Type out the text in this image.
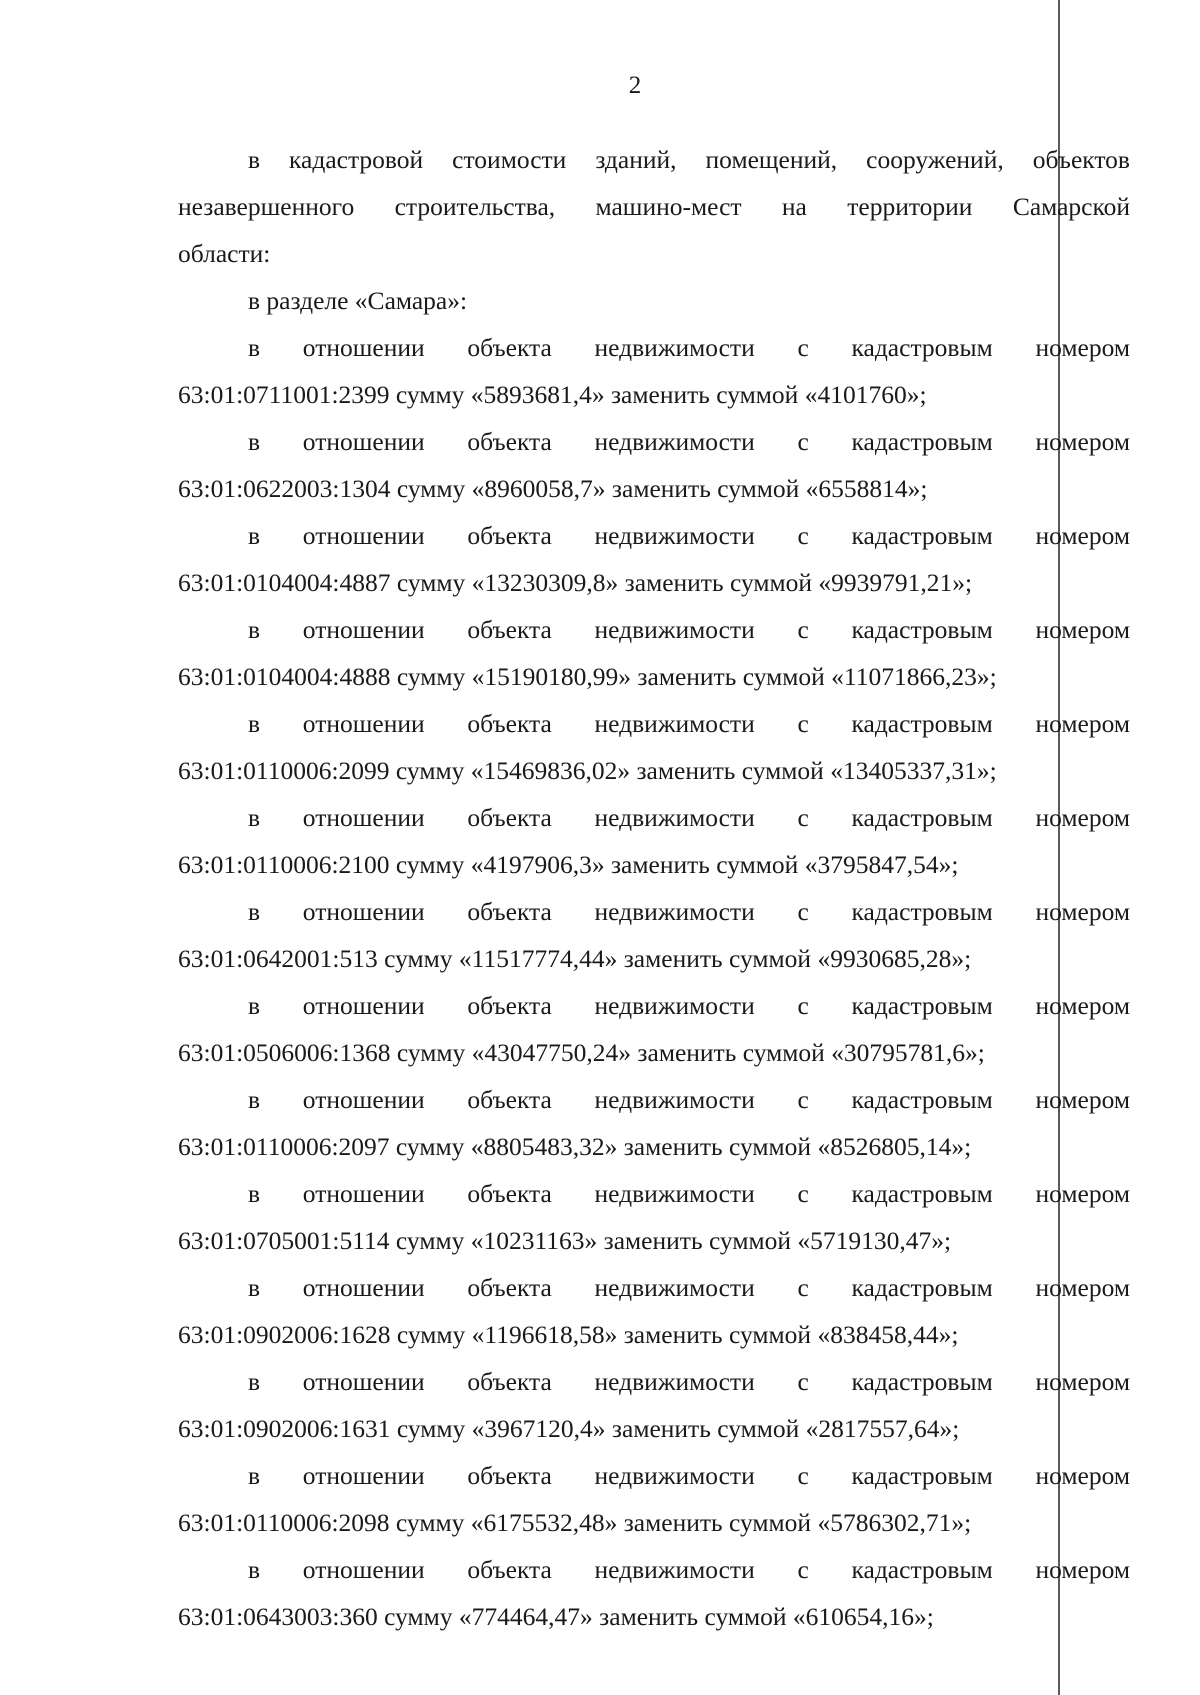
2
в кадастровой стоимости зданий, помещений, сооружений, объектов
незавершенного строительства, машино-мест на территории Самарской
области:
в разделе «Самара»:
в отношении объекта недвижимости с кадастровым номером
63:01:0711001:2399 сумму «5893681,4» заменить суммой «4101760»;
в отношении объекта недвижимости с кадастровым номером
63:01:0622003:1304 сумму «8960058,7» заменить суммой «6558814»;
в отношении объекта недвижимости с кадастровым номером
63:01:0104004:4887 сумму «13230309,8» заменить суммой «9939791,21»;
в отношении объекта недвижимости с кадастровым номером
63:01:0104004:4888 сумму «15190180,99» заменить суммой «11071866,23»;
в отношении объекта недвижимости с кадастровым номером
63:01:0110006:2099 сумму «15469836,02» заменить суммой «13405337,31»;
в отношении объекта недвижимости с кадастровым номером
63:01:0110006:2100 сумму «4197906,3» заменить суммой «3795847,54»;
в отношении объекта недвижимости с кадастровым номером
63:01:0642001:513 сумму «11517774,44» заменить суммой «9930685,28»;
в отношении объекта недвижимости с кадастровым номером
63:01:0506006:1368 сумму «43047750,24» заменить суммой «30795781,6»;
в отношении объекта недвижимости с кадастровым номером
63:01:0110006:2097 сумму «8805483,32» заменить суммой «8526805,14»;
в отношении объекта недвижимости с кадастровым номером
63:01:0705001:5114 сумму «10231163» заменить суммой «5719130,47»;
в отношении объекта недвижимости с кадастровым номером
63:01:0902006:1628 сумму «1196618,58» заменить суммой «838458,44»;
в отношении объекта недвижимости с кадастровым номером
63:01:0902006:1631 сумму «3967120,4» заменить суммой «2817557,64»;
в отношении объекта недвижимости с кадастровым номером
63:01:0110006:2098 сумму «6175532,48» заменить суммой «5786302,71»;
в отношении объекта недвижимости с кадастровым номером
63:01:0643003:360 сумму «774464,47» заменить суммой «610654,16»;
